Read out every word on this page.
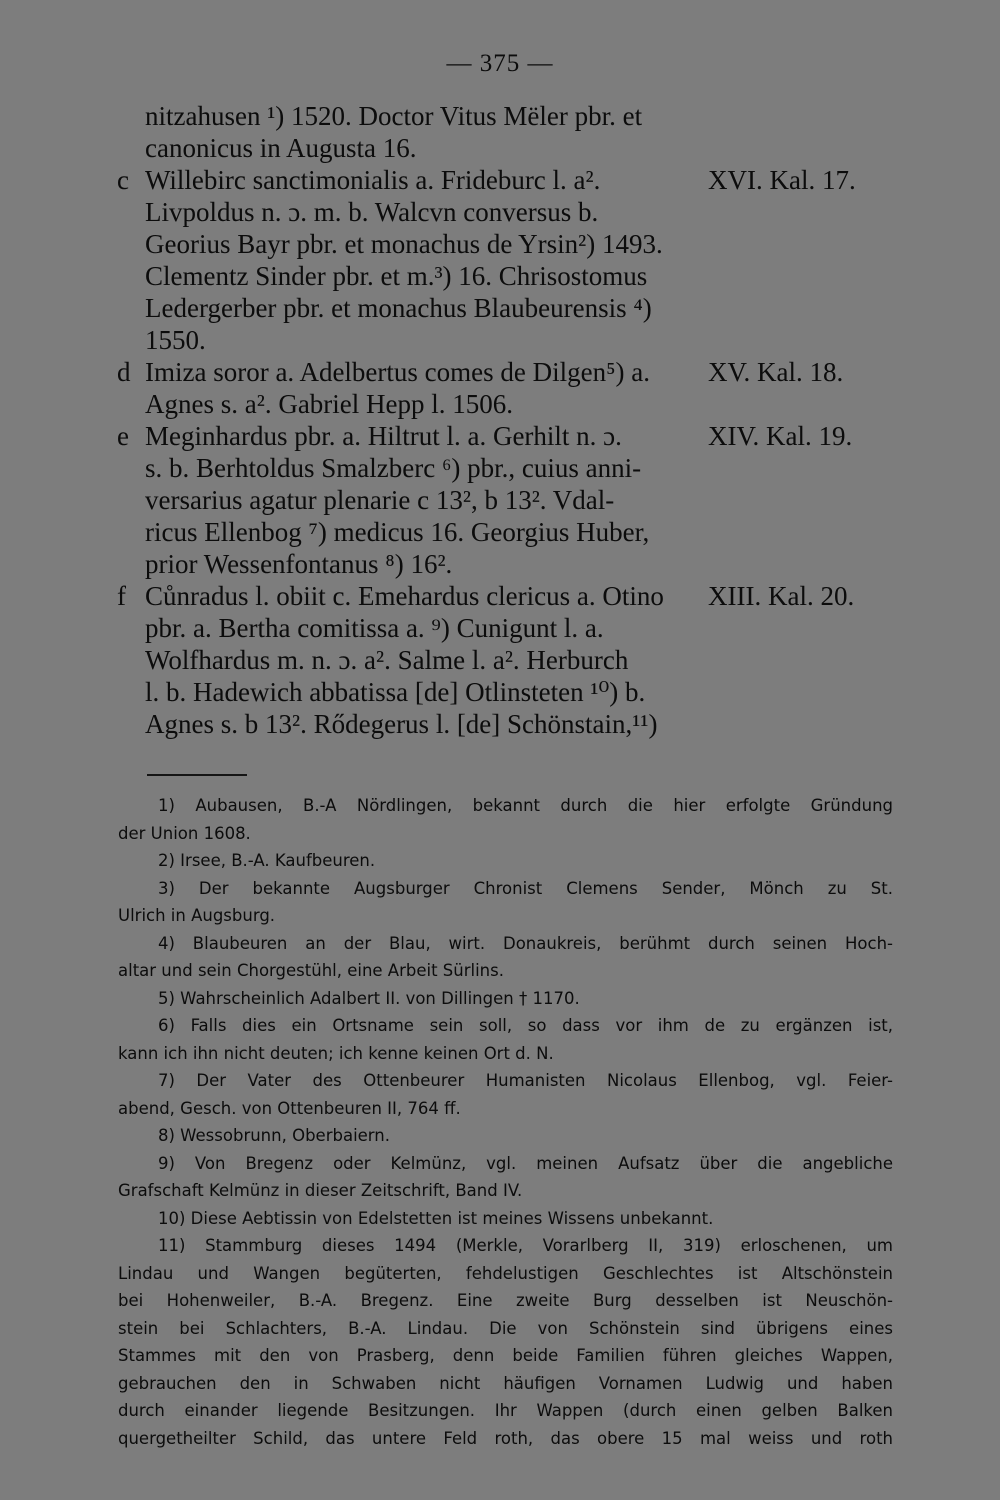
— 375 —
nitzahusen ¹) 1520. Doctor Vitus Mëler pbr. et
canonicus in Augusta 16.
c Willebirc sanctimonialis a. Frideburc l. a².	XVI. Kal. 17.
Livpoldus n. ɔ. m. b. Walcvn conversus b.
Georius Bayr pbr. et monachus de Yrsin²) 1493.
Clementz Sinder pbr. et m.³) 16. Chrisostomus
Ledergerber pbr. et monachus Blaubeurensis ⁴)
1550.
d Imiza soror a. Adelbertus comes de Dilgen⁵) a. XV. Kal. 18.
Agnes s. a². Gabriel Hepp l. 1506.
e Meginhardus pbr. a. Hiltrut l. a. Gerhilt n. ɔ.	XIV. Kal. 19.
s. b. Berhtoldus Smalzberc ⁶) pbr., cuius anni-
versarius agatur plenarie c 13², b 13². Vdal-
ricus Ellenbog ⁷) medicus 16. Georgius Huber,
prior Wessenfontanus ⁸) 16².
f Cůnradus l. obiit c. Emehardus clericus a. Otino XIII. Kal. 20.
pbr. a. Bertha comitissa a. ⁹) Cunigunt l. a.
Wolfhardus m. n. ɔ. a². Salme l. a². Herburch
l. b. Hadewich abbatissa [de] Otlinsteten ¹⁰) b.
Agnes s. b 13². Rődegerus l. [de] Schönstain,¹¹)
1) Aubausen, B.-A Nördlingen, bekannt durch die hier erfolgte Gründung
der Union 1608.
2) Irsee, B.-A. Kaufbeuren.
3) Der bekannte Augsburger Chronist Clemens Sender, Mönch zu St.
Ulrich in Augsburg.
4) Blaubeuren an der Blau, wirt. Donaukreis, berühmt durch seinen Hoch-
altar und sein Chorgestühl, eine Arbeit Sürlins.
5) Wahrscheinlich Adalbert II. von Dillingen † 1170.
6) Falls dies ein Ortsname sein soll, so dass vor ihm de zu ergänzen ist,
kann ich ihn nicht deuten; ich kenne keinen Ort d. N.
7) Der Vater des Ottenbeurer Humanisten Nicolaus Ellenbog, vgl. Feier-
abend, Gesch. von Ottenbeuren II, 764 ff.
8) Wessobrunn, Oberbaiern.
9) Von Bregenz oder Kelmünz, vgl. meinen Aufsatz über die angebliche
Grafschaft Kelmünz in dieser Zeitschrift, Band IV.
10) Diese Aebtissin von Edelstetten ist meines Wissens unbekannt.
11) Stammburg dieses 1494 (Merkle, Vorarlberg II, 319) erloschenen, um
Lindau und Wangen begüterten, fehdelustigen Geschlechtes ist Altschönstein
bei Hohenweiler, B.-A. Bregenz. Eine zweite Burg desselben ist Neuschön-
stein bei Schlachters, B.-A. Lindau. Die von Schönstein sind übrigens eines
Stammes mit den von Prasberg, denn beide Familien führen gleiches Wappen,
gebrauchen den in Schwaben nicht häufigen Vornamen Ludwig und haben
durch einander liegende Besitzungen. Ihr Wappen (durch einen gelben Balken
quergetheilter Schild, das untere Feld roth, das obere 15 mal weiss und roth
